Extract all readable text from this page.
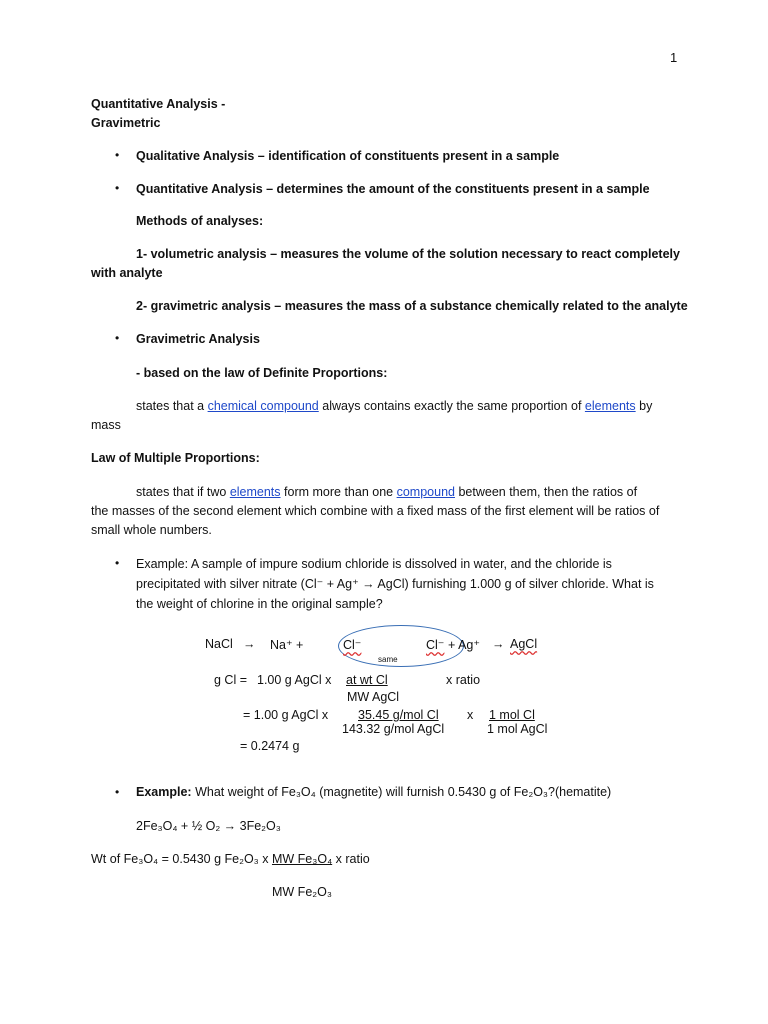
1
Quantitative Analysis -
Gravimetric
• Qualitative Analysis – identification of constituents present in a sample
• Quantitative Analysis – determines the amount of the constituents present in a sample
Methods of analyses:
1- volumetric analysis – measures the volume of the solution necessary to react completely
with analyte
2- gravimetric analysis – measures the mass of a substance chemically related to the analyte
• Gravimetric Analysis
- based on the law of Definite Proportions:
states that a chemical compound always contains exactly the same proportion of elements by
mass
Law of Multiple Proportions:
states that if two elements form more than one compound between them, then the ratios of
the masses of the second element which combine with a fixed mass of the first element will be ratios of
small whole numbers.
• Example: A sample of impure sodium chloride is dissolved in water, and the chloride is
precipitated with silver nitrate (Cl⁻ + Ag⁺ → AgCl) furnishing 1.000 g of silver chloride. What is
the weight of chlorine in the original sample?
NaCl → Na⁺ +	Cl⁻
same
Cl⁻ + Ag⁺ → AgCl
g Cl = 1.00 g AgCl x at wt Cl	x ratio
MW AgCl
= 1.00 g AgCl x 35.45 g/mol Cl x 1 mol Cl
143.32 g/mol AgCl	1 mol AgCl
= 0.2474 g
• Example: What weight of Fe₃O₄ (magnetite) will furnish 0.5430 g of Fe₂O₃?(hematite)
2Fe₃O₄ + ½ O₂ → 3Fe₂O₃
Wt of Fe₃O₄ = 0.5430 g Fe₂O₃ x MW Fe₃O₄ x ratio
MW Fe₂O₃
